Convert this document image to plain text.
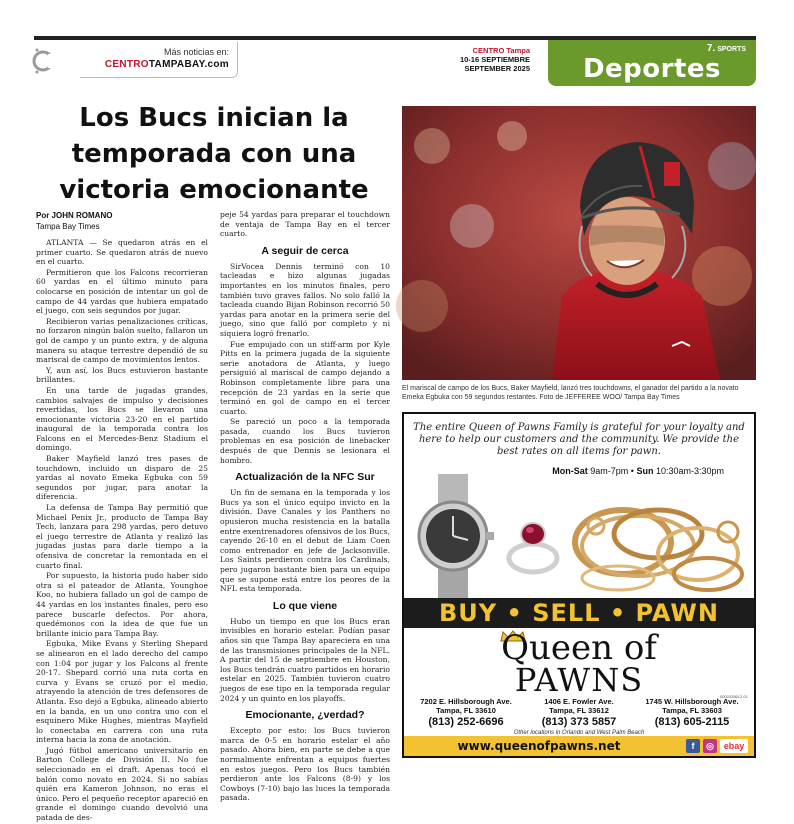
Más noticias en:
CENTROTAMPABAY.com
CENTRO Tampa
10-16 SEPTIEMBRE
SEPTEMBER 2025
7. SPORTS
Deportes
Los Bucs inician la temporada con una victoria emocionante
Por JOHN ROMANO
Tampa Bay Times

ATLANTA — Se quedaron atrás en el primer cuarto. Se quedaron atrás de nuevo en el cuarto.

Permitieron que los Falcons recorrieran 60 yardas en el último minuto para colocarse en posición de intentar un gol de campo de 44 yardas que hubiera empatado el juego, con seis segundos por jugar.

Recibieron varias penalizaciones críticas, no forzaron ningún balón suelto, fallaron un gol de campo y un punto extra, y de alguna manera su ataque terrestre dependió de su mariscal de campo de movimientos lentos.

Y, aun así, los Bucs estuvieron bastante brillantes.

En una tarde de jugadas grandes, cambios salvajes de impulso y decisiones revertidas, los Bucs se llevaron una emocionante victoria 23-20 en el partido inaugural de la temporada contra los Falcons en el Mercedes-Benz Stadium el domingo.

Baker Mayfield lanzó tres pases de touchdown, incluido un disparo de 25 yardas al novato Emeka Egbuka con 59 segundos por jugar, para anotar la diferencia.

La defensa de Tampa Bay permitió que Michael Penix Jr., producto de Tampa Bay Tech, lanzara para 298 yardas, pero detuvo el juego terrestre de Atlanta y realizó las jugadas justas para darle tiempo a la ofensiva de concretar la remontada en el cuarto final.

Por supuesto, la historia pudo haber sido otra si el pateador de Atlanta, Younghoe Koo, no hubiera fallado un gol de campo de 44 yardas en los instantes finales, pero eso parece buscarle defectos. Por ahora, quedémonos con la idea de que fue un brillante inicio para Tampa Bay.

Egbuka, Mike Evans y Sterling Shepard se alinearon en el lado derecho del campo con 1:04 por jugar y los Falcons al frente 20-17. Shepard corrió una ruta corta en curva y Evans se cruzó por el medio, atrayendo la atención de tres defensores de Atlanta. Eso dejó a Egbuka, alineado abierto en la banda, en un uno contra uno con el esquinero Mike Hughes, mientras Mayfield lo conectaba en carrera con una ruta interna hacia la zona de anotación.

Jugó fútbol americano universitario en Barton College de División II. No fue seleccionado en el draft. Apenas tocó el balón como novato en 2024. Si no sabías quién era Kameron Johnson, no eras el único. Pero el pequeño receptor apareció en grande el domingo cuando devolvió una patada de des-

peje 54 yardas para preparar el touchdown de ventaja de Tampa Bay en el tercer cuarto.

A seguir de cerca

SirVocea Dennis terminó con 10 tacleadas e hizo algunas jugadas importantes en los minutos finales, pero también tuvo graves fallos. No solo falló la tacleada cuando Bijan Robinson recorrió 50 yardas para anotar en la primera serie del juego, sino que falló por completo y ni siquiera logró frenarlo.

Fue empujado con un stiff-arm por Kyle Pitts en la primera jugada de la siguiente serie anotadora de Atlanta, y luego persiguió al mariscal de campo dejando a Robinson completamente libre para una recepción de 23 yardas en la serie que terminó en gol de campo en el tercer cuarto.

Se pareció un poco a la temporada pasada, cuando los Bucs tuvieron problemas en esa posición de linebacker después de que Dennis se lesionara el hombro.

Actualización de la NFC Sur

Un fin de semana en la temporada y los Bucs ya son el único equipo invicto en la división. Dave Canales y los Panthers no opusieron mucha resistencia en la batalla entre exentrenadores ofensivos de los Bucs, cayendo 26-10 en el debut de Liam Coen como entrenador en jefe de Jacksonville. Los Saints perdieron contra los Cardinals, pero jugaron bastante bien para un equipo que se supone está entre los peores de la NFL esta temporada.

Lo que viene

Hubo un tiempo en que los Bucs eran invisibles en horario estelar. Podían pasar años sin que Tampa Bay apareciera en una de las transmisiones principales de la NFL. A partir del 15 de septiembre en Houston, los Bucs tendrán cuatro partidos en horario estelar en 2025. También tuvieron cuatro juegos de ese tipo en la temporada regular 2024 y un quinto en los playoffs.

Emocionante, ¿verdad?

Excepto por esto: los Bucs tuvieron marca de 0-5 en horario estelar el año pasado. Ahora bien, en parte se debe a que normalmente enfrentan a equipos fuertes en estos juegos. Pero los Bucs también perdieron ante los Falcons (8-9) y los Cowboys (7-10) bajo las luces la temporada pasada.

El mariscal de campo de los Bucs, Baker Mayfield, lanzó tres touchdowns, el ganador del partido a la novato Emeka Egbuka con 59 segundos restantes. Foto de JEFFEREE WOO/ Tampa Bay Times
The entire Queen of Pawns Family is grateful for your loyalty and here to help our customers and the community. We provide the best rates on all items for pawn.
Mon-Sat 9am-7pm • Sun 10:30am-3:30pm
BUY • SELL • PAWN
Queen of
PAWNS	0000328612-01
7202 E. Hillsborough Ave.
Tampa, FL 33610
(813) 252-6696
1406 E. Fowler Ave.
Tampa, FL 33612
(813) 373 5857
1745 W. Hillsborough Ave.
Tampa, FL 33603
(813) 605-2115
Other locations in Orlando and West Palm Beach
www.queenofpawns.net	f	◎	ebay
